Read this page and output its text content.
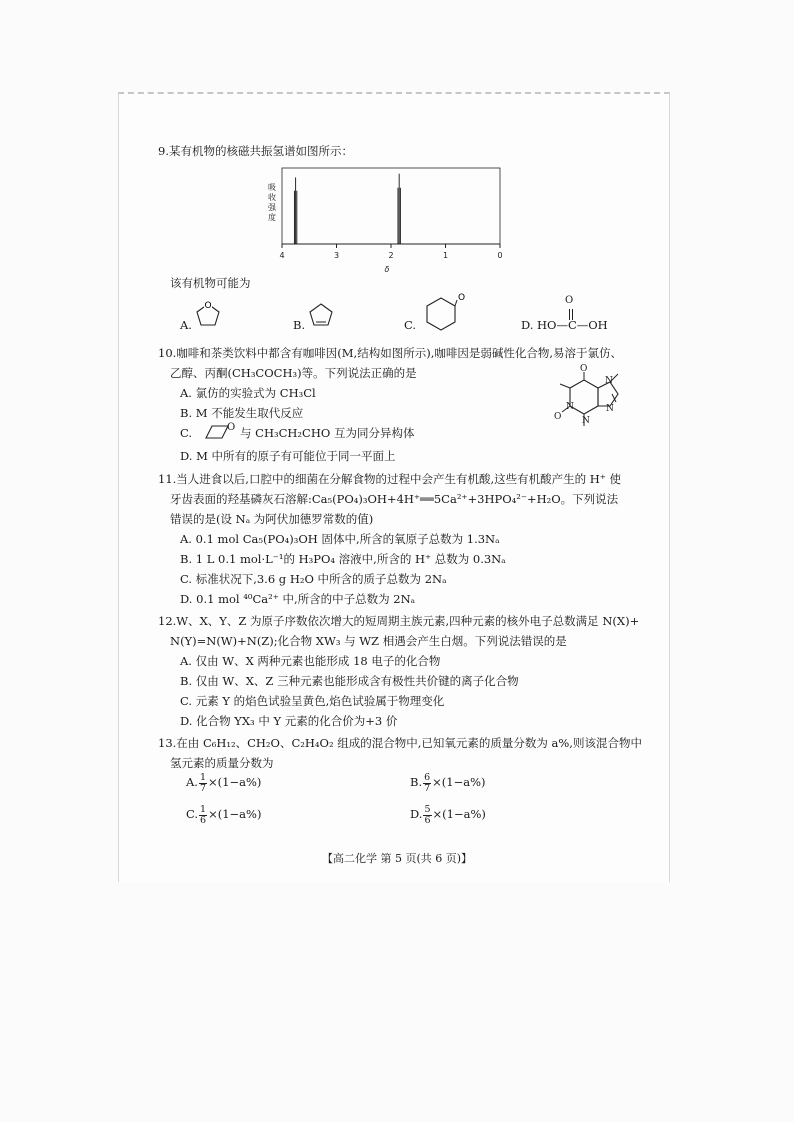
9.某有机物的核磁共振氢谱如图所示：
吸
收
强
度
4	3	2	1	0
δ
该有机物可能为
A.
O
B.	C.
O
D.
O
HO—C—OH
10.咖啡和茶类饮料中都含有咖啡因(M,结构如图所示),咖啡因是弱碱性化合物,易溶于氯仿、
乙醇、丙酮(CH₃COCH₃)等。下列说法正确的是
A. 氯仿的实验式为 CH₃Cl
B. M 不能发生取代反应
C.	O 与 CH₃CH₂CHO 互为同分异构体
D. M 中所有的原子有可能位于同一平面上
O
O
N
N
N
N
11.当人进食以后,口腔中的细菌在分解食物的过程中会产生有机酸,这些有机酸产生的 H⁺ 使
牙齿表面的羟基磷灰石溶解:Ca₅(PO₄)₃OH+4H⁺══5Ca²⁺+3HPO₄²⁻+H₂O。下列说法
错误的是(设 Nₐ 为阿伏加德罗常数的值)
A. 0.1 mol Ca₅(PO₄)₃OH 固体中,所含的氧原子总数为 1.3Nₐ
B. 1 L 0.1 mol·L⁻¹的 H₃PO₄ 溶液中,所含的 H⁺ 总数为 0.3Nₐ
C. 标准状况下,3.6 g H₂O 中所含的质子总数为 2Nₐ
D. 0.1 mol ⁴⁰Ca²⁺ 中,所含的中子总数为 2Nₐ
12.W、X、Y、Z 为原子序数依次增大的短周期主族元素,四种元素的核外电子总数满足 N(X)+
N(Y)=N(W)+N(Z);化合物 XW₃ 与 WZ 相遇会产生白烟。下列说法错误的是
A. 仅由 W、X 两种元素也能形成 18 电子的化合物
B. 仅由 W、X、Z 三种元素也能形成含有极性共价键的离子化合物
C. 元素 Y 的焰色试验呈黄色,焰色试验属于物理变化
D. 化合物 YX₃ 中 Y 元素的化合价为+3 价
13.在由 C₆H₁₂、CH₂O、C₂H₄O₂ 组成的混合物中,已知氧元素的质量分数为 a%,则该混合物中
氢元素的质量分数为
A. $\frac{1}{7} \times(1-a\%)$	B. $\frac{6}{7} \times(1-a\%)$
C. $\frac{1}{6} \times(1-a\%)$	D. $\frac{5}{6} \times(1-a\%)$
【高二化学 第 5 页(共 6 页)】
